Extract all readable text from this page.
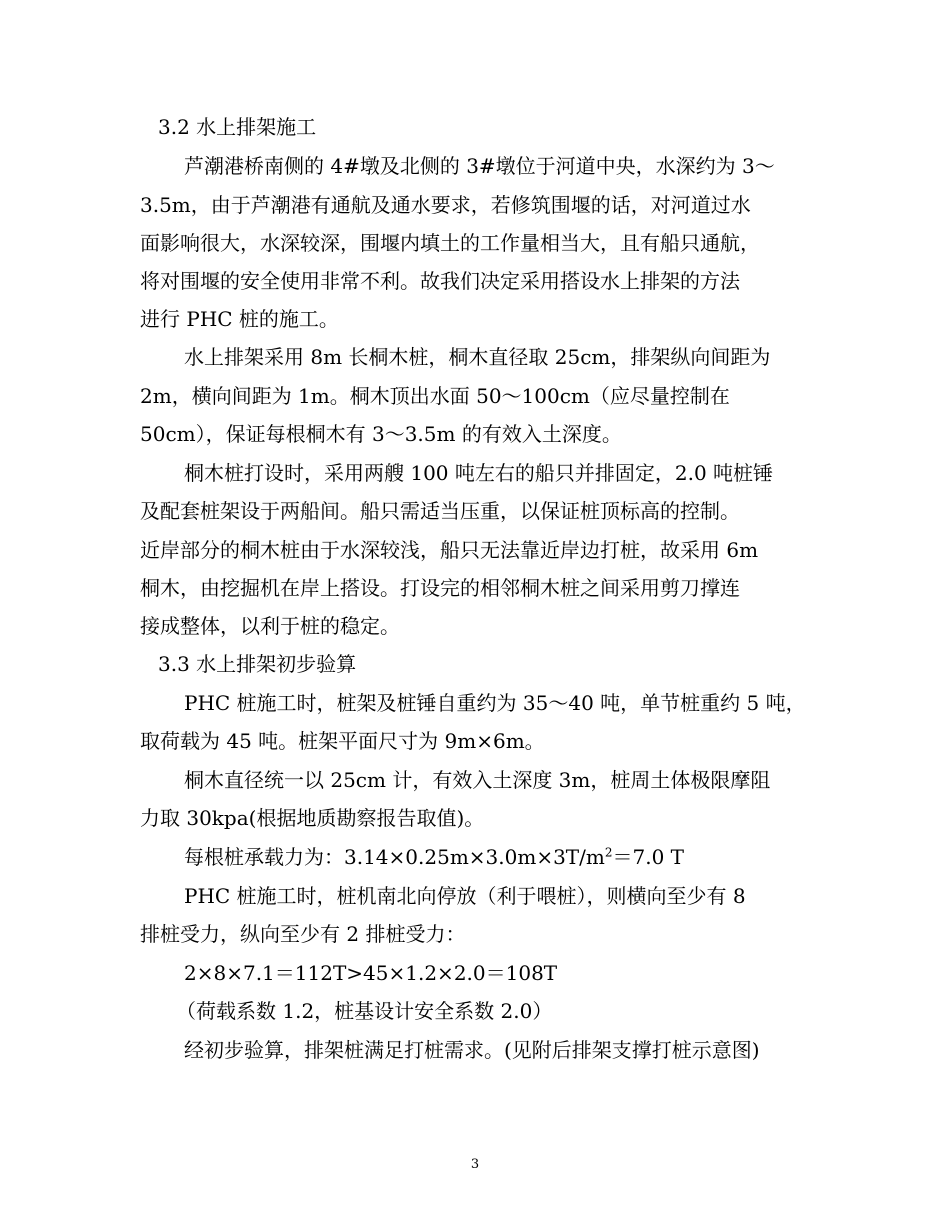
3.2 水上排架施工
芦潮港桥南侧的 4#墩及北侧的 3#墩位于河道中央，水深约为 3～
3.5m，由于芦潮港有通航及通水要求，若修筑围堰的话，对河道过水
面影响很大，水深较深，围堰内填土的工作量相当大，且有船只通航，
将对围堰的安全使用非常不利。故我们决定采用搭设水上排架的方法
进行 PHC 桩的施工。
水上排架采用 8m 长桐木桩，桐木直径取 25cm，排架纵向间距为
2m，横向间距为 1m。桐木顶出水面 50～100cm（应尽量控制在
50cm），保证每根桐木有 3～3.5m 的有效入土深度。
桐木桩打设时，采用两艘 100 吨左右的船只并排固定，2.0 吨桩锤
及配套桩架设于两船间。船只需适当压重，以保证桩顶标高的控制。
近岸部分的桐木桩由于水深较浅，船只无法靠近岸边打桩，故采用 6m
桐木，由挖掘机在岸上搭设。打设完的相邻桐木桩之间采用剪刀撑连
接成整体，以利于桩的稳定。
3.3 水上排架初步验算
PHC 桩施工时，桩架及桩锤自重约为 35～40 吨，单节桩重约 5 吨，
取荷载为 45 吨。桩架平面尺寸为 9m×6m。
桐木直径统一以 25cm 计，有效入土深度 3m，桩周土体极限摩阻
力取 30kpa(根据地质勘察报告取值)。
每根桩承载力为：$3.14\times 0.25m\times 3.0m\times 3T/m^2=7.0$ T
PHC 桩施工时，桩机南北向停放（利于喂桩），则横向至少有 8
排桩受力，纵向至少有 2 排桩受力：
2×8×7.1＝112T>45×1.2×2.0＝108T
（荷载系数 1.2，桩基设计安全系数 2.0）
经初步验算，排架桩满足打桩需求。(见附后排架支撑打桩示意图)
3
